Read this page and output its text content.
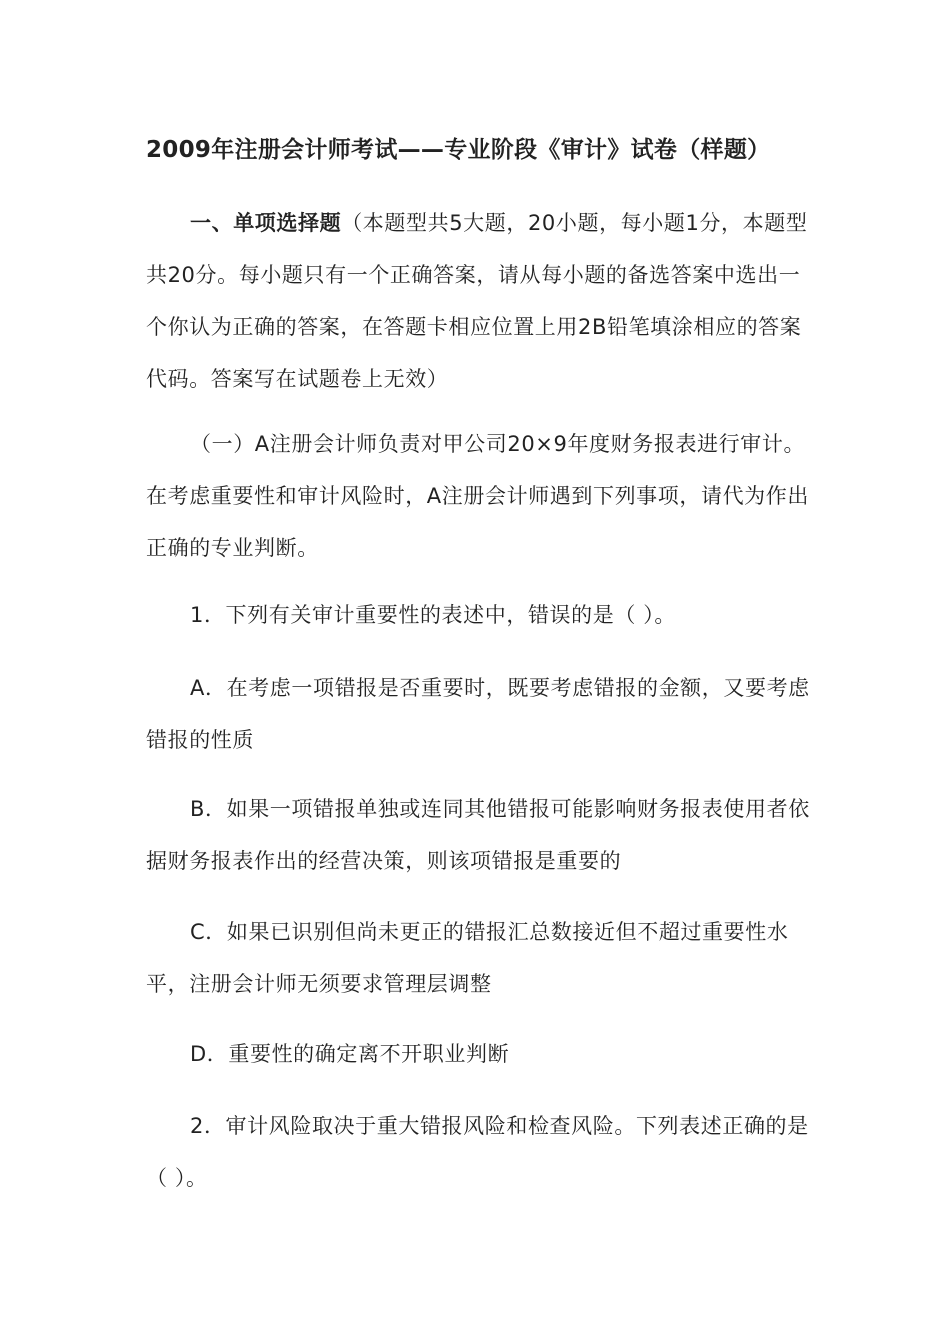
2009年注册会计师考试——专业阶段《审计》试卷（样题）

一、单项选择题（本题型共5大题，20小题，每小题1分，本题型共20分。每小题只有一个正确答案，请从每小题的备选答案中选出一个你认为正确的答案，在答题卡相应位置上用2B铅笔填涂相应的答案代码。答案写在试题卷上无效）

（一）A注册会计师负责对甲公司20×9年度财务报表进行审计。在考虑重要性和审计风险时，A注册会计师遇到下列事项，请代为作出正确的专业判断。

1．下列有关审计重要性的表述中，错误的是（ ）。

A．在考虑一项错报是否重要时，既要考虑错报的金额，又要考虑错报的性质

B．如果一项错报单独或连同其他错报可能影响财务报表使用者依据财务报表作出的经营决策，则该项错报是重要的

C．如果已识别但尚未更正的错报汇总数接近但不超过重要性水平，注册会计师无须要求管理层调整

D．重要性的确定离不开职业判断

2．审计风险取决于重大错报风险和检查风险。下列表述正确的是（ ）。
